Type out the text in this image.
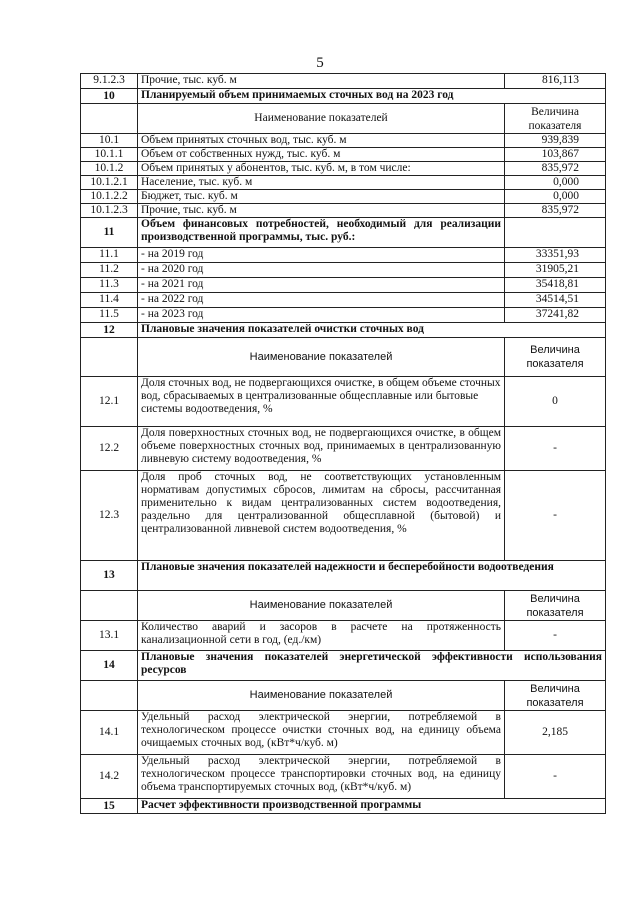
5
9.1.2.3	Прочие, тыс. куб. м	816,113
10	Планируемый объем принимаемых сточных вод на 2023 год	
	Наименование показателей	Величина показателя
10.1	Объем принятых сточных вод, тыс. куб. м	939,839
10.1.1	Объем от собственных нужд, тыс. куб. м	103,867
10.1.2	Объем принятых у абонентов, тыс. куб. м, в том числе:	835,972
10.1.2.1	Население, тыс. куб. м	0,000
10.1.2.2	Бюджет, тыс. куб. м	0,000
10.1.2.3	Прочие, тыс. куб. м	835,972
11	Объем финансовых потребностей, необходимый для реализации производственной программы, тыс. руб.:	
11.1	- на 2019 год	33351,93
11.2	- на 2020 год	31905,21
11.3	- на 2021 год	35418,81
11.4	- на 2022 год	34514,51
11.5	- на 2023 год	37241,82
12	Плановые значения показателей очистки сточных вод	
	Наименование показателей	Величина показателя
12.1	Доля сточных вод, не подвергающихся очистке, в общем объеме сточных вод, сбрасываемых в централизованные общесплавные или бытовые системы водоотведения, %	0
12.2	Доля поверхностных сточных вод, не подвергающихся очистке, в общем объеме поверхностных сточных вод, принимаемых в централизованную ливневую систему водоотведения, %	-
12.3	Доля проб сточных вод, не соответствующих установленным нормативам допустимых сбросов, лимитам на сбросы, рассчитанная применительно к видам централизованных систем водоотведения, раздельно для централизованной общесплавной (бытовой) и централизованной ливневой систем водоотведения, %	-
13	Плановые значения показателей надежности и бесперебойности водоотведения	
	Наименование показателей	Величина показателя
13.1	Количество аварий и засоров в расчете на протяженность канализационной сети в год, (ед./км)	-
14	Плановые значения показателей энергетической эффективности использования ресурсов	
	Наименование показателей	Величина показателя
14.1	Удельный расход электрической энергии, потребляемой в технологическом процессе очистки сточных вод, на единицу объема очищаемых сточных вод, (кВт*ч/куб. м)	2,185
14.2	Удельный расход электрической энергии, потребляемой в технологическом процессе транспортировки сточных вод, на единицу объема транспортируемых сточных вод, (кВт*ч/куб. м)	-
15	Расчет эффективности производственной программы	
